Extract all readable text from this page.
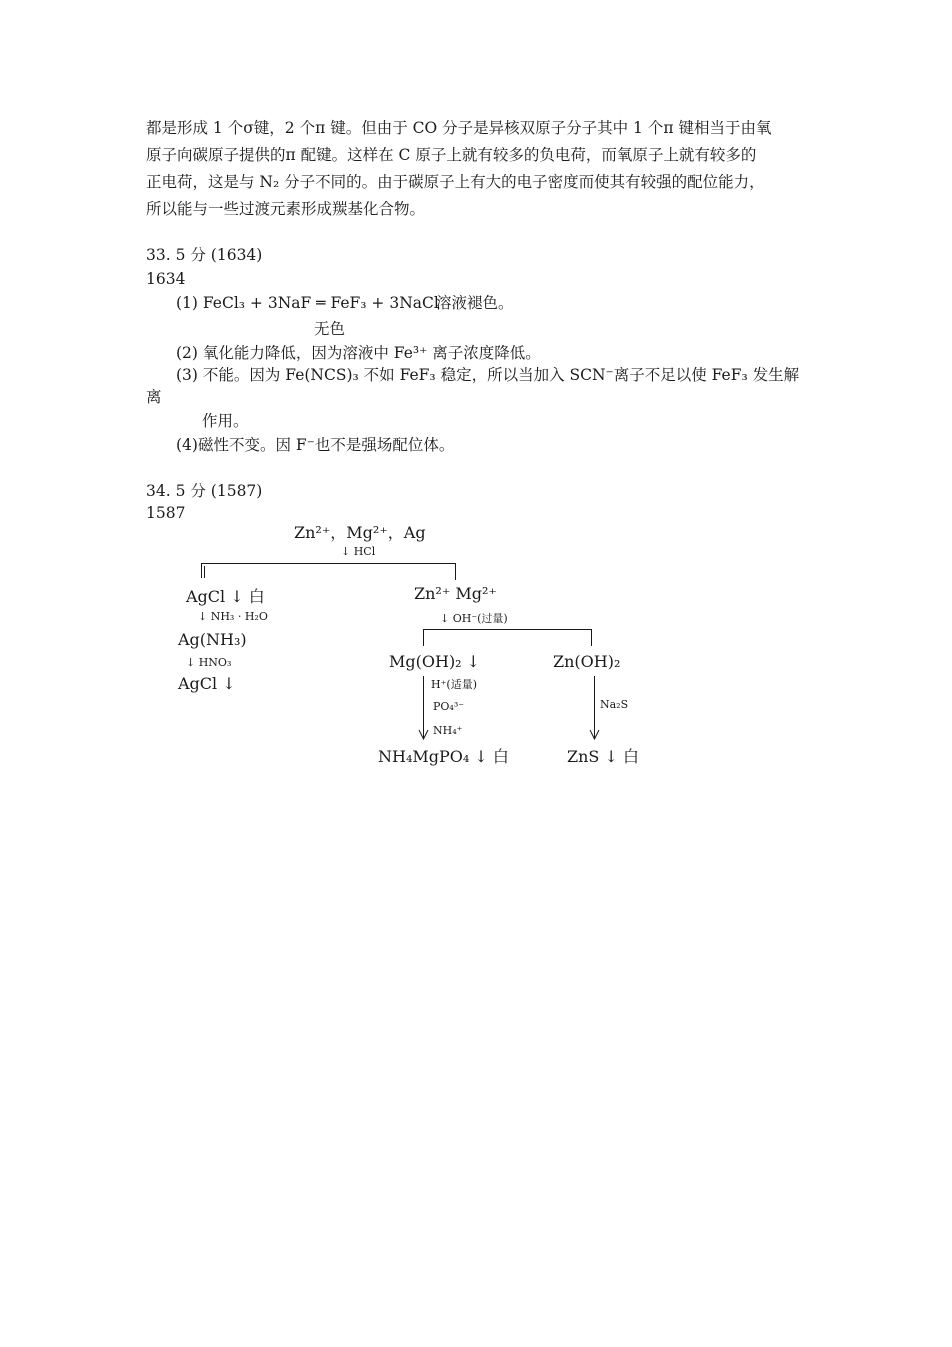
都是形成 1 个σ键，2 个π 键。但由于 CO 分子是异核双原子分子其中 1 个π 键相当于由氧
原子向碳原子提供的π 配键。这样在 C 原子上就有较多的负电荷，而氧原子上就有较多的
正电荷，这是与 N₂ 分子不同的。由于碳原子上有大的电子密度而使其有较强的配位能力，
所以能与一些过渡元素形成羰基化合物。
33. 5 分 (1634)
1634
(1) FeCl₃ + 3NaF ═ FeF₃ + 3NaCl
溶液褪色。
无色
(2) 氧化能力降低，因为溶液中 Fe³⁺ 离子浓度降低。
(3) 不能。因为 Fe(NCS)₃ 不如 FeF₃ 稳定，所以当加入 SCN⁻离子不足以使 FeF₃ 发生解
离
作用。
(4)磁性不变。因 F⁻也不是强场配位体。
34. 5 分 (1587)
1587
Zn²⁺，Mg²⁺，Ag
↓ HCl
AgCl ↓ 白
↓ NH₃ · H₂O
Ag(NH₃)
↓ HNO₃
AgCl ↓
Zn²⁺ Mg²⁺
↓ OH⁻(过量)
Mg(OH)₂ ↓	Zn(OH)₂
H⁺(适量)
PO₄³⁻
NH₄⁺
Na₂S
NH₄MgPO₄ ↓ 白	ZnS ↓ 白
